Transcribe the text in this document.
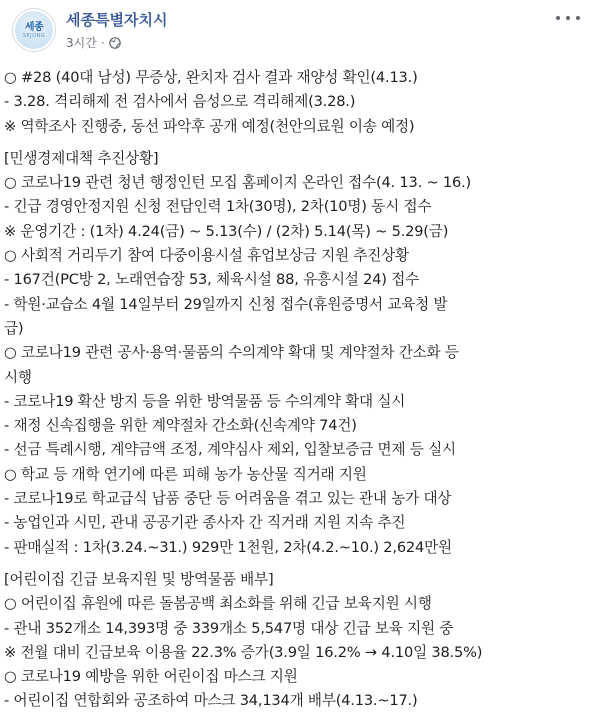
세종
SEJONG
세종특별자치시
3시간 ·
○ #28 (40대 남성) 무증상, 완치자 검사 결과 재양성 확인(4.13.)
- 3.28. 격리해제 전 검사에서 음성으로 격리해제(3.28.)
※ 역학조사 진행중, 동선 파악후 공개 예정(천안의료원 이송 예정)
[민생경제대책 추진상황]
○ 코로나19 관련 청년 행정인턴 모집 홈페이지 온라인 접수(4. 13. ~ 16.)
- 긴급 경영안정지원 신청 전담인력 1차(30명), 2차(10명) 동시 접수
※ 운영기간 : (1차) 4.24(금) ~ 5.13(수) / (2차) 5.14(목) ~ 5.29(금)
○ 사회적 거리두기 참여 다중이용시설 휴업보상금 지원 추진상황
- 167건(PC방 2, 노래연습장 53, 체육시설 88, 유흥시설 24) 접수
- 학원·교습소 4월 14일부터 29일까지 신청 접수(휴원증명서 교육청 발
급)
○ 코로나19 관련 공사·용역·물품의 수의계약 확대 및 계약절차 간소화 등
시행
- 코로나19 확산 방지 등을 위한 방역물품 등 수의계약 확대 실시
- 재정 신속집행을 위한 계약절차 간소화(신속계약 74건)
- 선금 특례시행, 계약금액 조정, 계약심사 제외, 입찰보증금 면제 등 실시
○ 학교 등 개학 연기에 따른 피해 농가 농산물 직거래 지원
- 코로나19로 학교급식 납품 중단 등 어려움을 겪고 있는 관내 농가 대상
- 농업인과 시민, 관내 공공기관 종사자 간 직거래 지원 지속 추진
- 판매실적 : 1차(3.24.~31.) 929만 1천원, 2차(4.2.~10.) 2,624만원
[어린이집 긴급 보육지원 및 방역물품 배부]
○ 어린이집 휴원에 따른 돌봄공백 최소화를 위해 긴급 보육지원 시행
- 관내 352개소 14,393명 중 339개소 5,547명 대상 긴급 보육 지원 중
※ 전월 대비 긴급보육 이용율 22.3% 증가(3.9일 16.2% → 4.10일 38.5%)
○ 코로나19 예방을 위한 어린이집 마스크 지원
- 어린이집 연합회와 공조하여 마스크 34,134개 배부(4.13.~17.)
